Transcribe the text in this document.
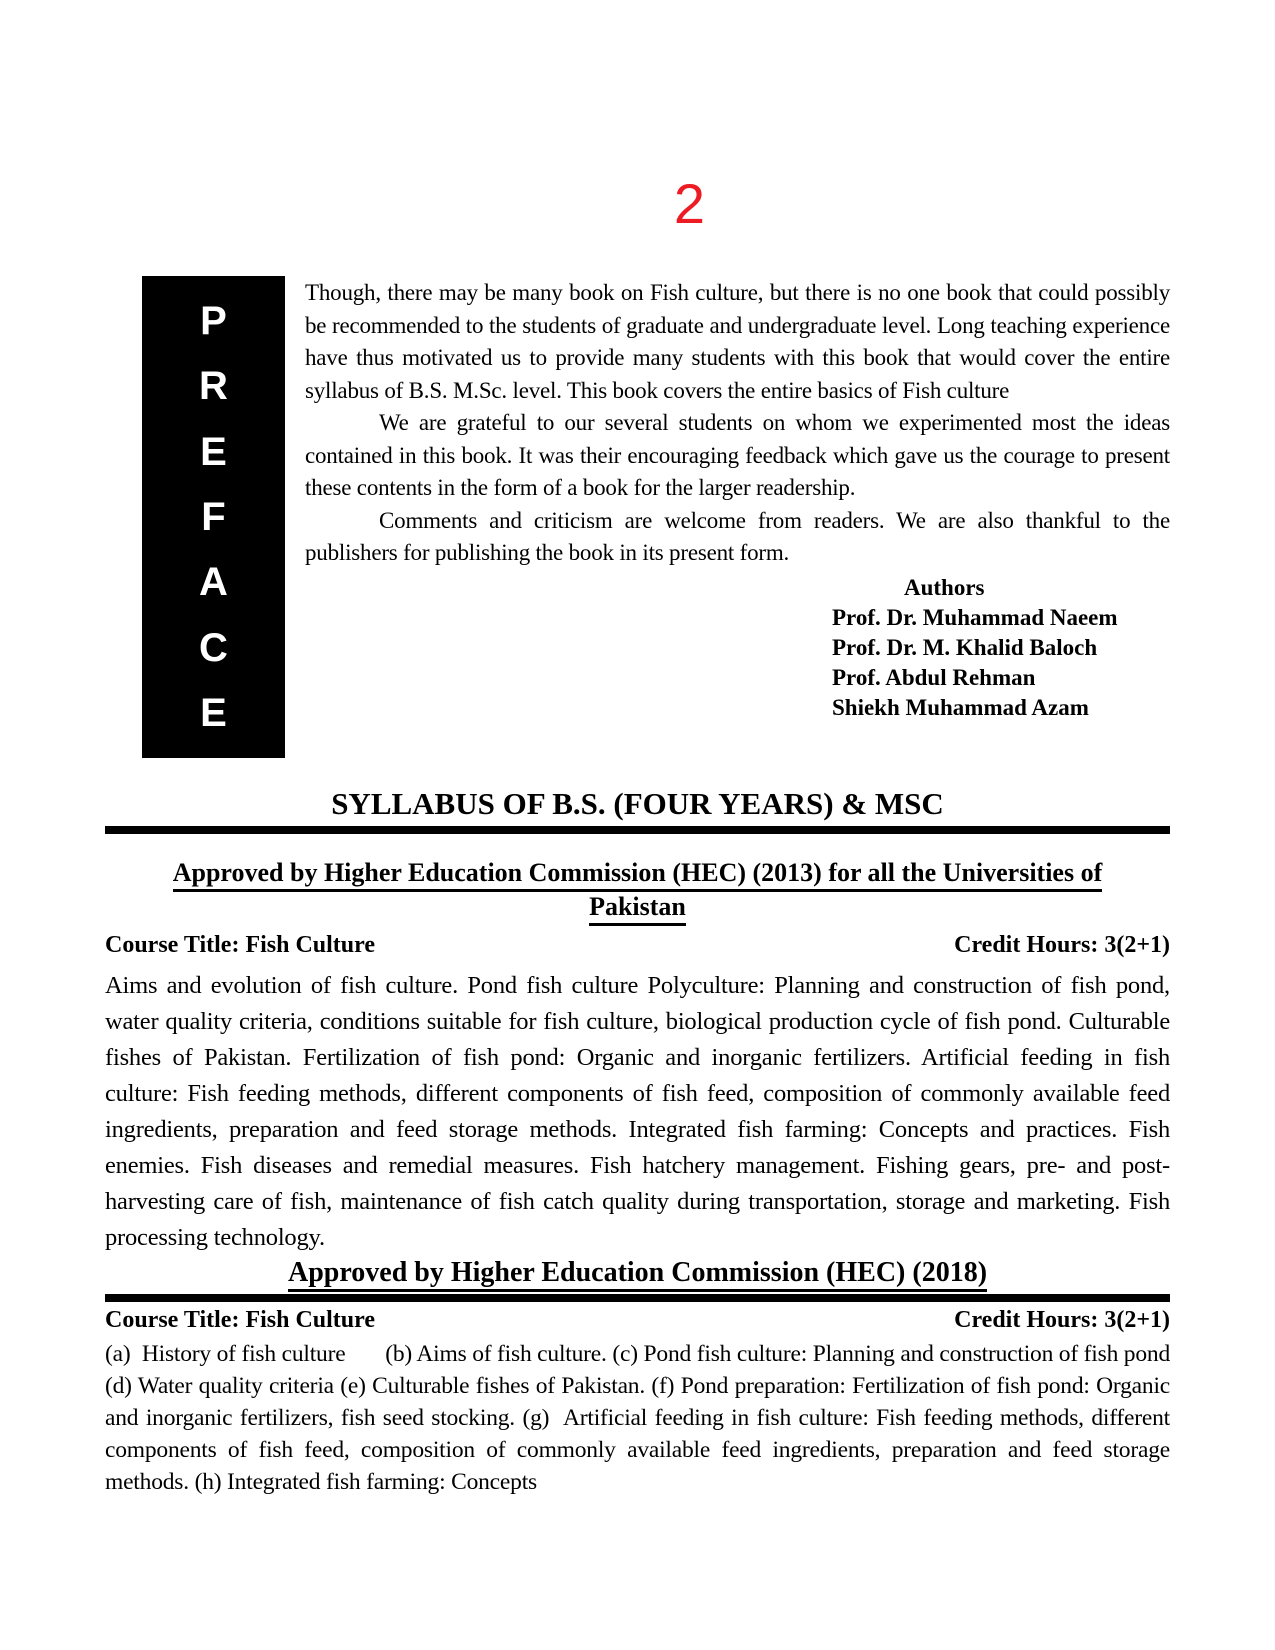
2
P
R
E
F
A
C
E

Though, there may be many book on Fish culture, but there is no one book that could possibly be recommended to the students of graduate and undergraduate level. Long teaching experience have thus motivated us to provide many students with this book that would cover the entire syllabus of B.S. M.Sc. level. This book covers the entire basics of Fish culture

We are grateful to our several students on whom we experimented most the ideas contained in this book. It was their encouraging feedback which gave us the courage to present these contents in the form of a book for the larger readership.

Comments and criticism are welcome from readers. We are also thankful to the publishers for publishing the book in its present form.

Authors
Prof. Dr. Muhammad Naeem
Prof. Dr. M. Khalid Baloch
Prof. Abdul Rehman
Shiekh Muhammad Azam
SYLLABUS OF B.S. (FOUR YEARS) & MSC
Approved by Higher Education Commission (HEC) (2013) for all the Universities of
Pakistan
Course Title: Fish Culture	Credit Hours: 3(2+1)

Aims and evolution of fish culture. Pond fish culture Polyculture: Planning and construction of fish pond, water quality criteria, conditions suitable for fish culture, biological production cycle of fish pond. Culturable fishes of Pakistan. Fertilization of fish pond: Organic and inorganic fertilizers. Artificial feeding in fish culture: Fish feeding methods, different components of fish feed, composition of commonly available feed ingredients, preparation and feed storage methods. Integrated fish farming: Concepts and practices. Fish enemies. Fish diseases and remedial measures. Fish hatchery management. Fishing gears, pre- and post-harvesting care of fish, maintenance of fish catch quality during transportation, storage and marketing. Fish processing technology.

Approved by Higher Education Commission (HEC) (2018)
Course Title: Fish Culture	Credit Hours: 3(2+1)

(a)  History of fish culture       (b) Aims of fish culture. (c) Pond fish culture: Planning and construction of fish pond (d) Water quality criteria (e) Culturable fishes of Pakistan. (f) Pond preparation: Fertilization of fish pond: Organic and inorganic fertilizers, fish seed stocking. (g)  Artificial feeding in fish culture: Fish feeding methods, different components of fish feed, composition of commonly available feed ingredients, preparation and feed storage methods. (h) Integrated fish farming: Concepts
